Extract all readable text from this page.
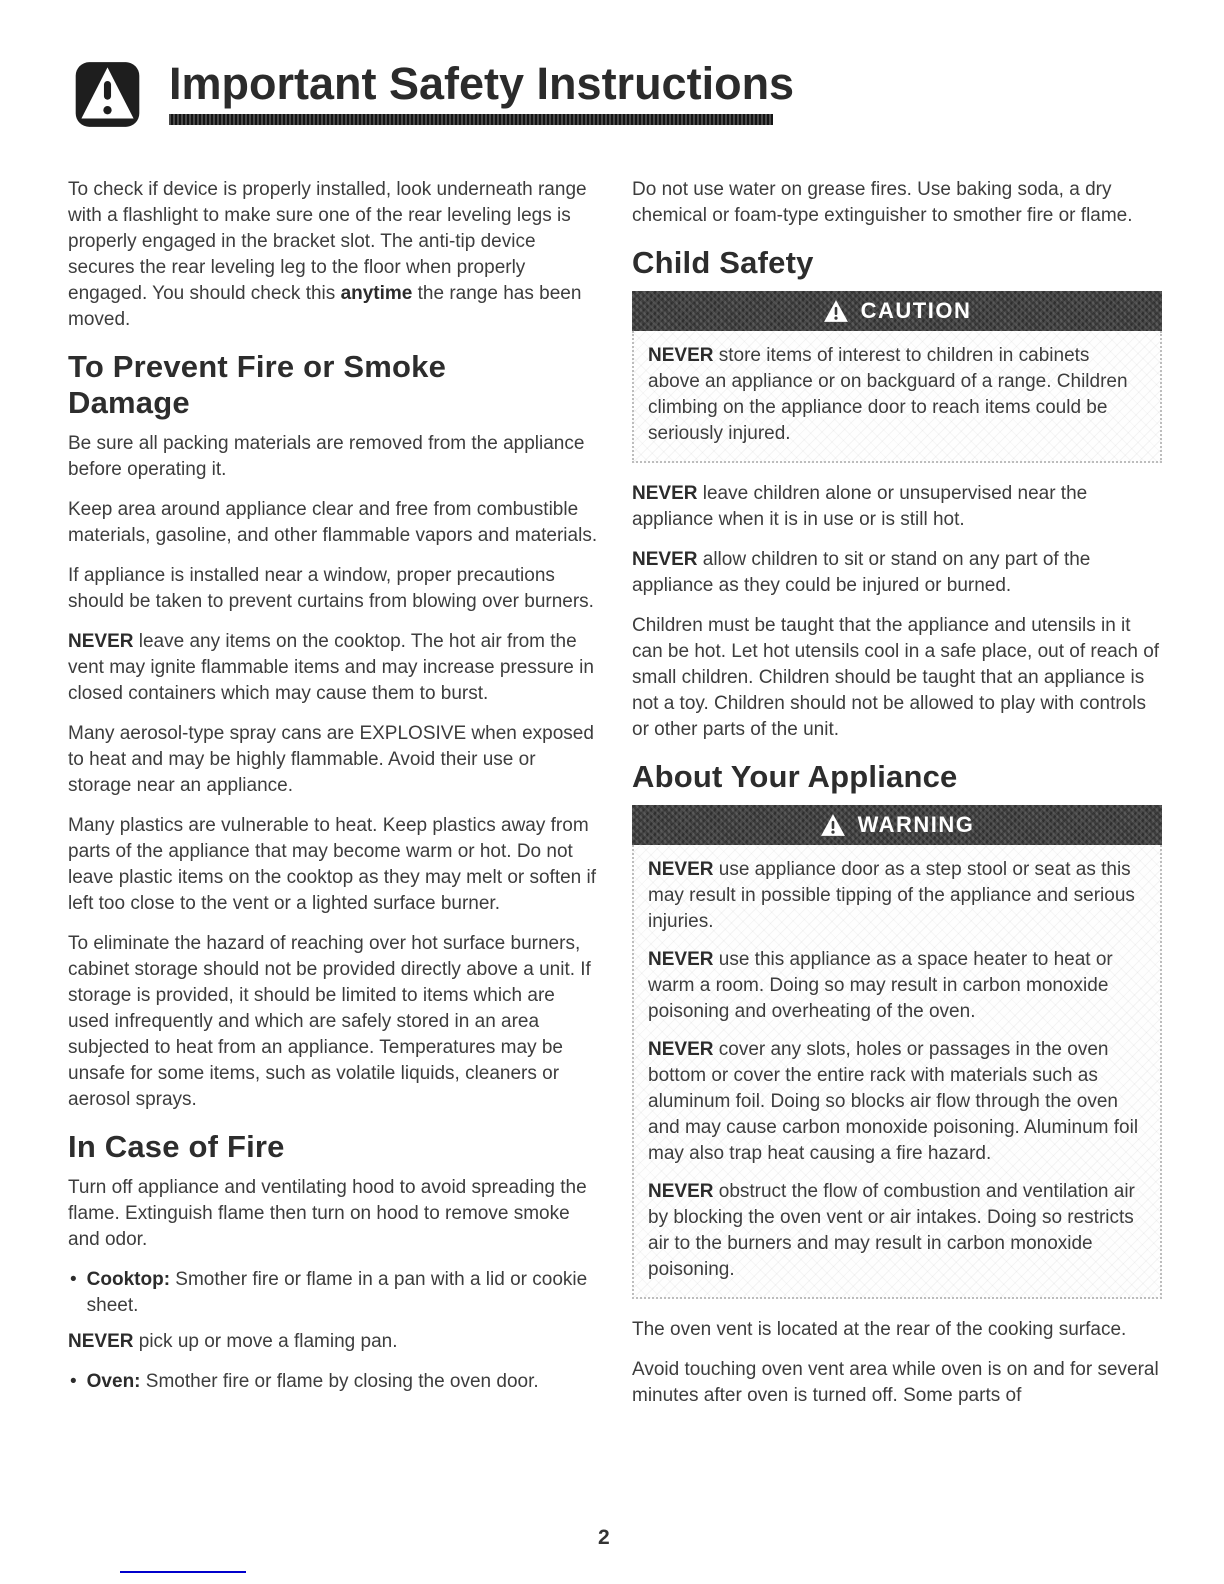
Important Safety Instructions

To check if device is properly installed, look underneath range with a flashlight to make sure one of the rear leveling legs is properly engaged in the bracket slot. The anti-tip device secures the rear leveling leg to the floor when properly engaged. You should check this anytime the range has been moved.

To Prevent Fire or Smoke Damage

Be sure all packing materials are removed from the appliance before operating it.

Keep area around appliance clear and free from combustible materials, gasoline, and other flammable vapors and materials.

If appliance is installed near a window, proper precautions should be taken to prevent curtains from blowing over burners.

NEVER leave any items on the cooktop. The hot air from the vent may ignite flammable items and may increase pressure in closed containers which may cause them to burst.

Many aerosol-type spray cans are EXPLOSIVE when exposed to heat and may be highly flammable. Avoid their use or storage near an appliance.

Many plastics are vulnerable to heat. Keep plastics away from parts of the appliance that may become warm or hot. Do not leave plastic items on the cooktop as they may melt or soften if left too close to the vent or a lighted surface burner.

To eliminate the hazard of reaching over hot surface burners, cabinet storage should not be provided directly above a unit. If storage is provided, it should be limited to items which are used infrequently and which are safely stored in an area subjected to heat from an appliance. Temperatures may be unsafe for some items, such as volatile liquids, cleaners or aerosol sprays.

In Case of Fire

Turn off appliance and ventilating hood to avoid spreading the flame. Extinguish flame then turn on hood to remove smoke and odor.

• Cooktop: Smother fire or flame in a pan with a lid or cookie sheet.

NEVER pick up or move a flaming pan.

• Oven: Smother fire or flame by closing the oven door.

Do not use water on grease fires. Use baking soda, a dry chemical or foam-type extinguisher to smother fire or flame.

Child Safety
CAUTION

NEVER store items of interest to children in cabinets above an appliance or on backguard of a range. Children climbing on the appliance door to reach items could be seriously injured.

NEVER leave children alone or unsupervised near the appliance when it is in use or is still hot.

NEVER allow children to sit or stand on any part of the appliance as they could be injured or burned.

Children must be taught that the appliance and utensils in it can be hot. Let hot utensils cool in a safe place, out of reach of small children. Children should be taught that an appliance is not a toy. Children should not be allowed to play with controls or other parts of the unit.

About Your Appliance
WARNING

NEVER use appliance door as a step stool or seat as this may result in possible tipping of the appliance and serious injuries.

NEVER use this appliance as a space heater to heat or warm a room. Doing so may result in carbon monoxide poisoning and overheating of the oven.

NEVER cover any slots, holes or passages in the oven bottom or cover the entire rack with materials such as aluminum foil. Doing so blocks air flow through the oven and may cause carbon monoxide poisoning. Aluminum foil may also trap heat causing a fire hazard.

NEVER obstruct the flow of combustion and ventilation air by blocking the oven vent or air intakes. Doing so restricts air to the burners and may result in carbon monoxide poisoning.

The oven vent is located at the rear of the cooking surface.

Avoid touching oven vent area while oven is on and for several minutes after oven is turned off. Some parts of

2
